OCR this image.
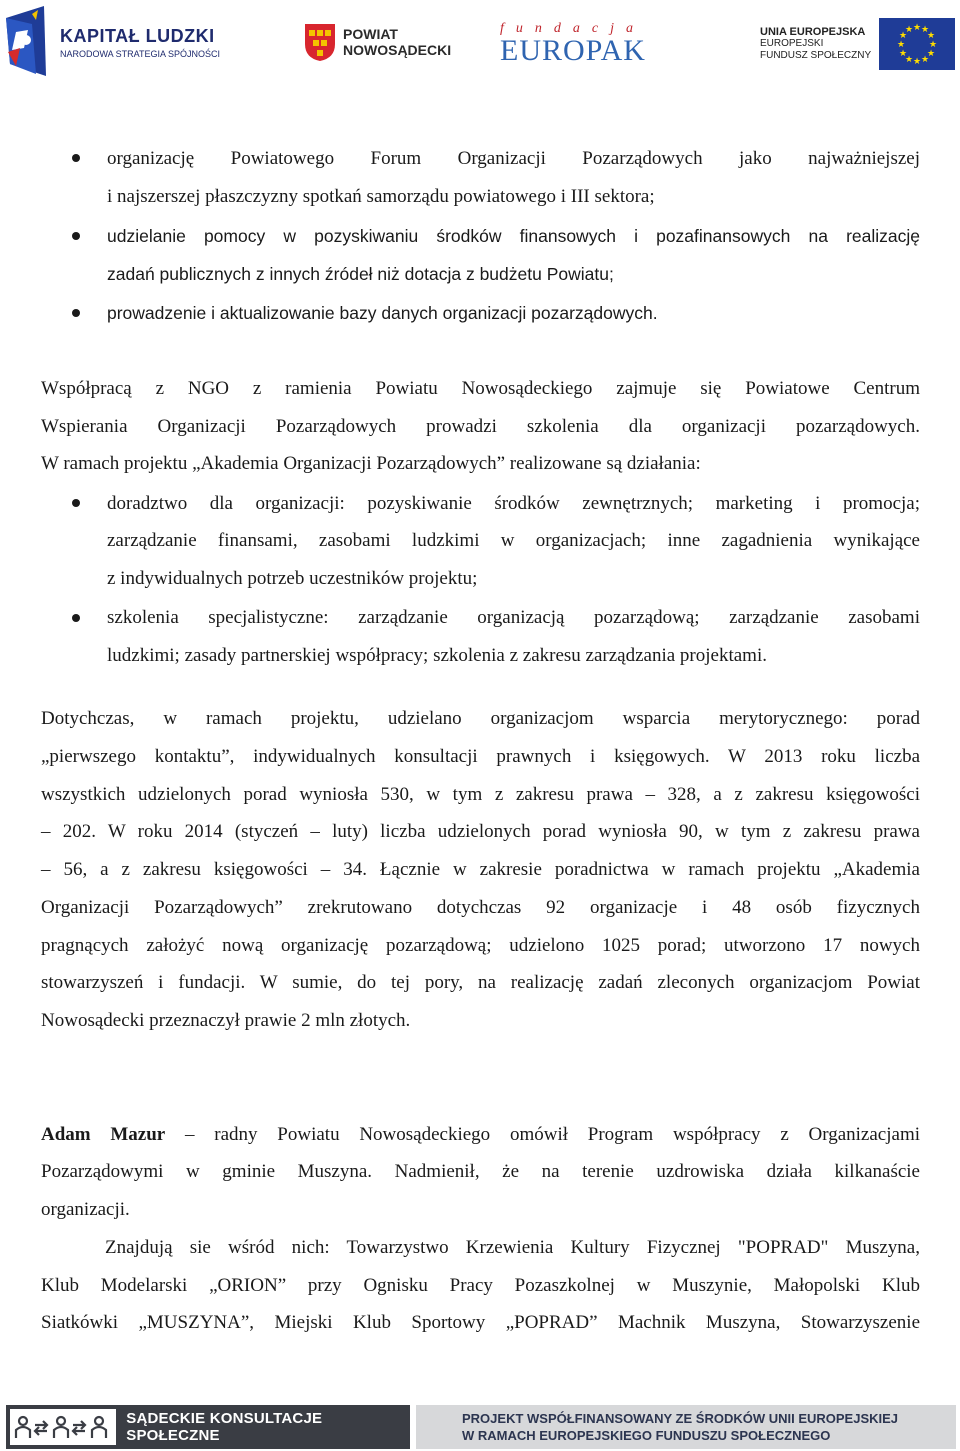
KAPITAŁ LUDZKI
NARODOWA STRATEGIA SPÓJNOŚCI
POWIAT
NOWOSĄDECKI
fundacja
EUROPAK
UNIA EUROPEJSKA
EUROPEJSKI
FUNDUSZ SPOŁECZNY
★ ★
★
★
★
★
★
★
★
★
★
★
organizację Powiatowego Forum Organizacji Pozarządowych jako najważniejszej
i najszerszej płaszczyzny spotkań samorządu powiatowego i III sektora;
udzielanie pomocy w pozyskiwaniu środków finansowych i pozafinansowych na realizację
zadań publicznych z innych źródeł niż dotacja z budżetu Powiatu;
prowadzenie i aktualizowanie bazy danych organizacji pozarządowych.
Współpracą z NGO z ramienia Powiatu Nowosądeckiego zajmuje się Powiatowe Centrum
Wspierania Organizacji Pozarządowych prowadzi szkolenia dla organizacji pozarządowych.
W ramach projektu „Akademia Organizacji Pozarządowych” realizowane są działania:
doradztwo dla organizacji: pozyskiwanie środków zewnętrznych; marketing i promocja;
zarządzanie finansami, zasobami ludzkimi w organizacjach; inne zagadnienia wynikające
z indywidualnych potrzeb uczestników projektu;
szkolenia specjalistyczne: zarządzanie organizacją pozarządową; zarządzanie zasobami
ludzkimi; zasady partnerskiej współpracy; szkolenia z zakresu zarządzania projektami.
Dotychczas, w ramach projektu, udzielano organizacjom wsparcia merytorycznego: porad
„pierwszego kontaktu”, indywidualnych konsultacji prawnych i księgowych. W 2013 roku liczba
wszystkich udzielonych porad wyniosła 530, w tym z zakresu prawa – 328, a z zakresu księgowości
– 202. W roku 2014 (styczeń – luty) liczba udzielonych porad wyniosła 90, w tym z zakresu prawa
– 56, a z zakresu księgowości – 34. Łącznie w zakresie poradnictwa w ramach projektu „Akademia
Organizacji Pozarządowych” zrekrutowano dotychczas 92 organizacje i 48 osób fizycznych
pragnących założyć nową organizację pozarządową; udzielono 1025 porad; utworzono 17 nowych
stowarzyszeń i fundacji. W sumie, do tej pory, na realizację zadań zleconych organizacjom Powiat
Nowosądecki przeznaczył prawie 2 mln złotych.
Adam Mazur – radny Powiatu Nowosądeckiego omówił Program współpracy z Organizacjami
Pozarządowymi w gminie Muszyna. Nadmienił, że na terenie uzdrowiska działa kilkanaście
organizacji.
Znajdują sie wśród nich: Towarzystwo Krzewienia Kultury Fizycznej "POPRAD" Muszyna,
Klub Modelarski „ORION” przy Ognisku Pracy Pozaszkolnej w Muszynie, Małopolski Klub
Siatkówki „MUSZYNA”, Miejski Klub Sportowy „POPRAD” Machnik Muszyna, Stowarzyszenie
SĄDECKIE KONSULTACJE SPOŁECZNE
PROJEKT WSPÓŁFINANSOWANY ZE ŚRODKÓW UNII EUROPEJSKIEJ
W RAMACH EUROPEJSKIEGO FUNDUSZU SPOŁECZNEGO
